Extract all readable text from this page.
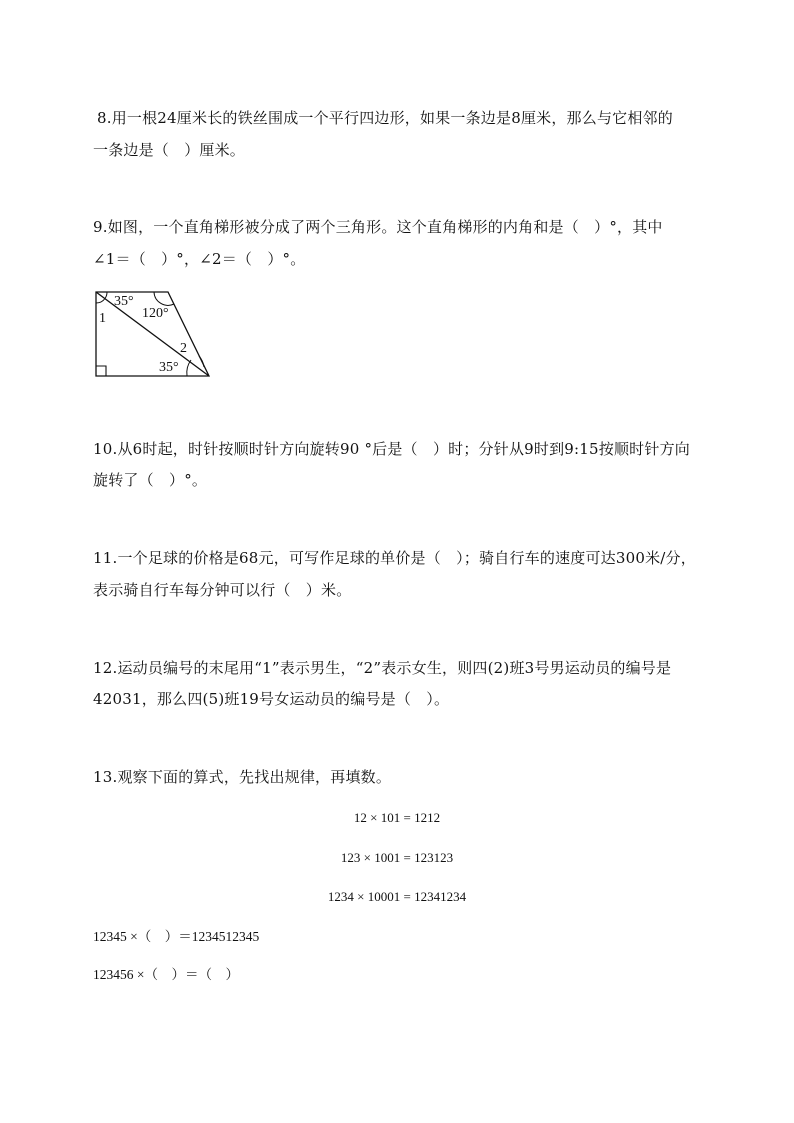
8.用一根24厘米长的铁丝围成一个平行四边形，如果一条边是8厘米，那么与它相邻的
一条边是（　）厘米。
9.如图，一个直角梯形被分成了两个三角形。这个直角梯形的内角和是（　）°，其中
∠1＝（　）°，∠2＝（　）°。
35°
120°
1
2
35°
10.从6时起，时针按顺时针方向旋转90 °后是（　）时；分针从9时到9:15按顺时针方向
旋转了（　）°。
11.一个足球的价格是68元，可写作足球的单价是（　）；骑自行车的速度可达300米/分，
表示骑自行车每分钟可以行（　）米。
12.运动员编号的末尾用“1”表示男生，“2”表示女生，则四(2)班3号男运动员的编号是
42031，那么四(5)班19号女运动员的编号是（　）。
13.观察下面的算式，先找出规律，再填数。
12 × 101 = 1212
123 × 1001 = 123123
1234 × 10001 = 12341234
12345 ×（　）＝1234512345
123456 ×（　）＝（　）
